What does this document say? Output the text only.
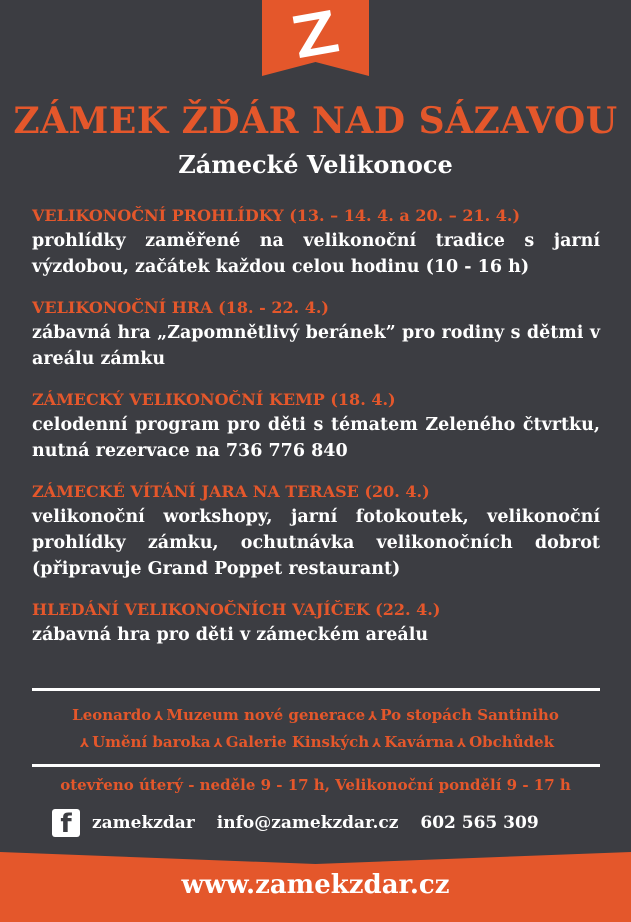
ZÁMEK ŽĎÁR NAD SÁZAVOU
Zámecké Velikonoce
VELIKONOČNÍ PROHLÍDKY (13. – 14. 4. a 20. – 21. 4.)
prohlídky zaměřené na velikonoční tradice s jarní výzdobou, začátek každou celou hodinu (10 - 16 h)
VELIKONOČNÍ HRA (18. - 22. 4.)
zábavná hra „Zapomnětlivý beránek” pro rodiny s dětmi v areálu zámku
ZÁMECKÝ VELIKONOČNÍ KEMP (18. 4.)
celodenní program pro děti s tématem Zeleného čtvrtku, nutná rezervace na 736 776 840
ZÁMECKÉ VÍTÁNÍ JARA NA TERASE (20. 4.)
velikonoční workshopy, jarní fotokoutek, velikonoční prohlídky zámku, ochutnávka velikonočních dobrot (připravuje Grand Poppet restaurant)
HLEDÁNÍ VELIKONOČNÍCH VAJÍČEK (22. 4.)
zábavná hra pro děti v zámeckém areálu
Leonardo ⅄ Muzeum nové generace ⅄ Po stopách Santiniho
⅄ Umění baroka ⅄ Galerie Kinských ⅄ Kavárna ⅄ Obchůdek
otevřeno úterý - neděle 9 - 17 h, Velikonoční pondělí 9 - 17 h
f	zamekzdar info@zamekzdar.cz 602 565 309
www.zamekzdar.cz
